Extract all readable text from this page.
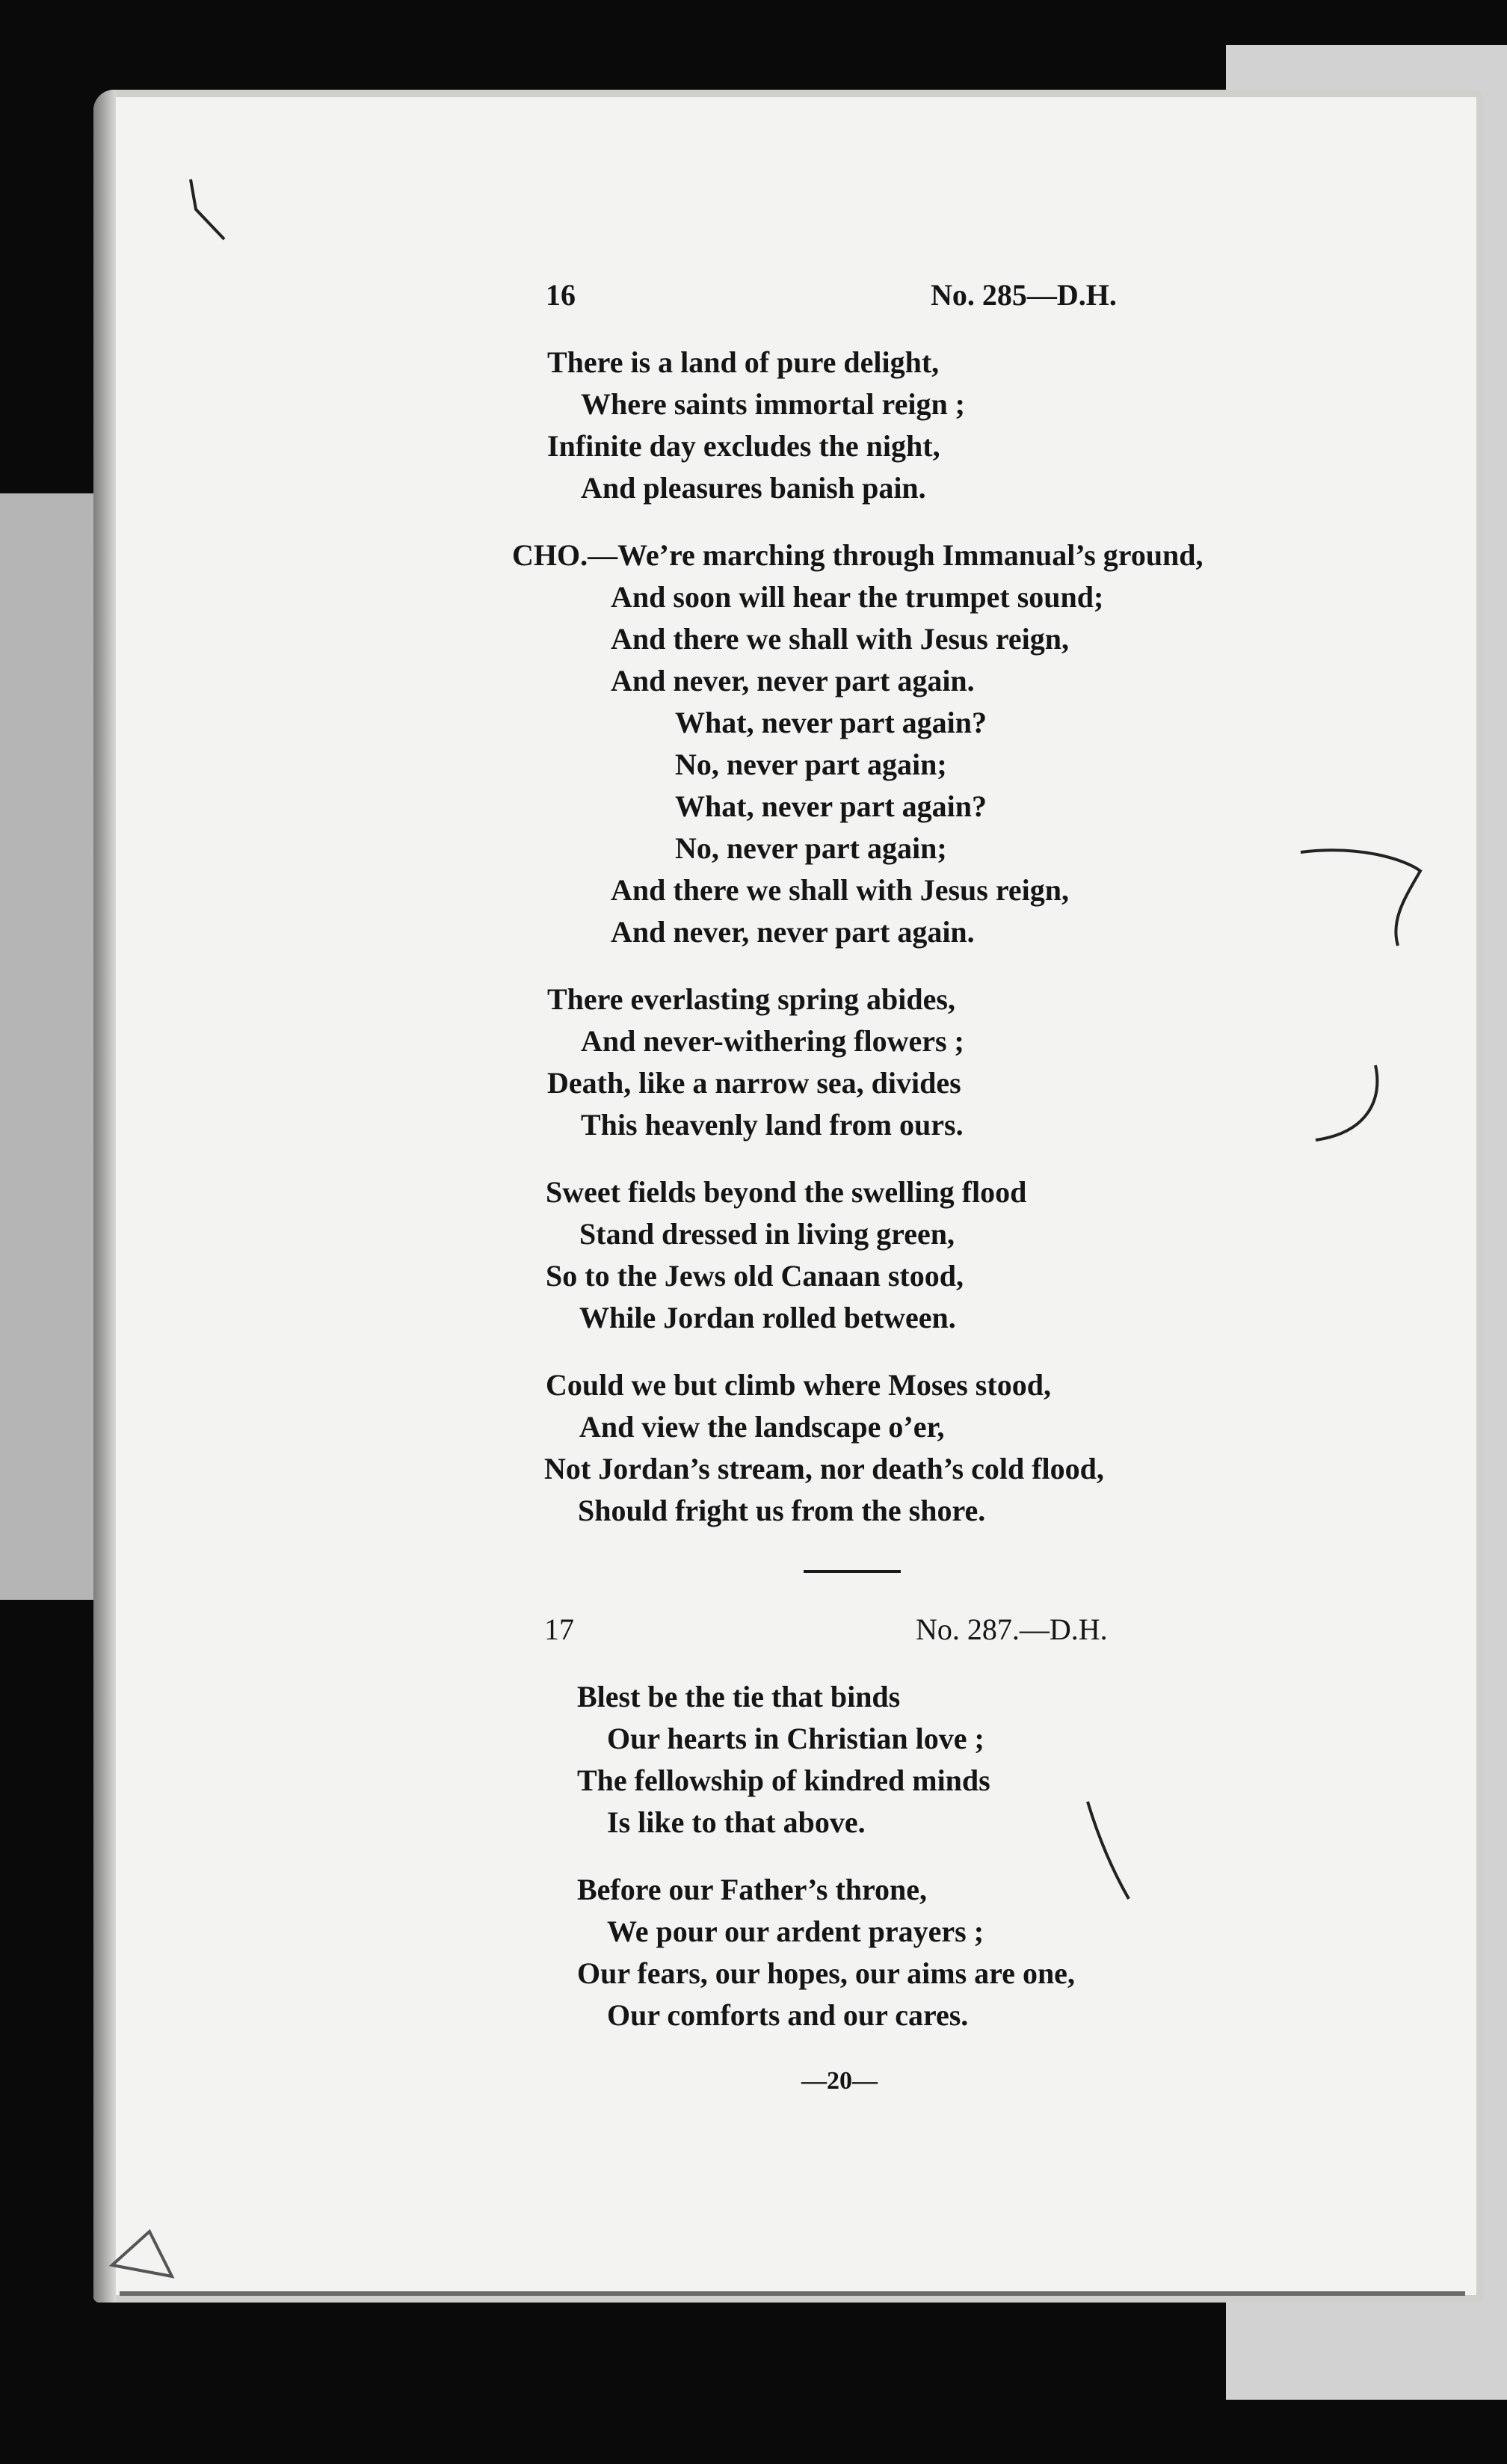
16	No. 285—D.H.
There is a land of pure delight,
Where saints immortal reign ;
Infinite day excludes the night,
And pleasures banish pain.
CHO.—We’re marching through Immanual’s ground,
And soon will hear the trumpet sound;
And there we shall with Jesus reign,
And never, never part again.
What, never part again?
No, never part again;
What, never part again?
No, never part again;
And there we shall with Jesus reign,
And never, never part again.
There everlasting spring abides,
And never-withering flowers ;
Death, like a narrow sea, divides
This heavenly land from ours.
Sweet fields beyond the swelling flood
Stand dressed in living green,
So to the Jews old Canaan stood,
While Jordan rolled between.
Could we but climb where Moses stood,
And view the landscape o’er,
Not Jordan’s stream, nor death’s cold flood,
Should fright us from the shore.
17	No. 287.—D.H.
Blest be the tie that binds
Our hearts in Christian love ;
The fellowship of kindred minds
Is like to that above.
Before our Father’s throne,
We pour our ardent prayers ;
Our fears, our hopes, our aims are one,
Our comforts and our cares.
—20—
